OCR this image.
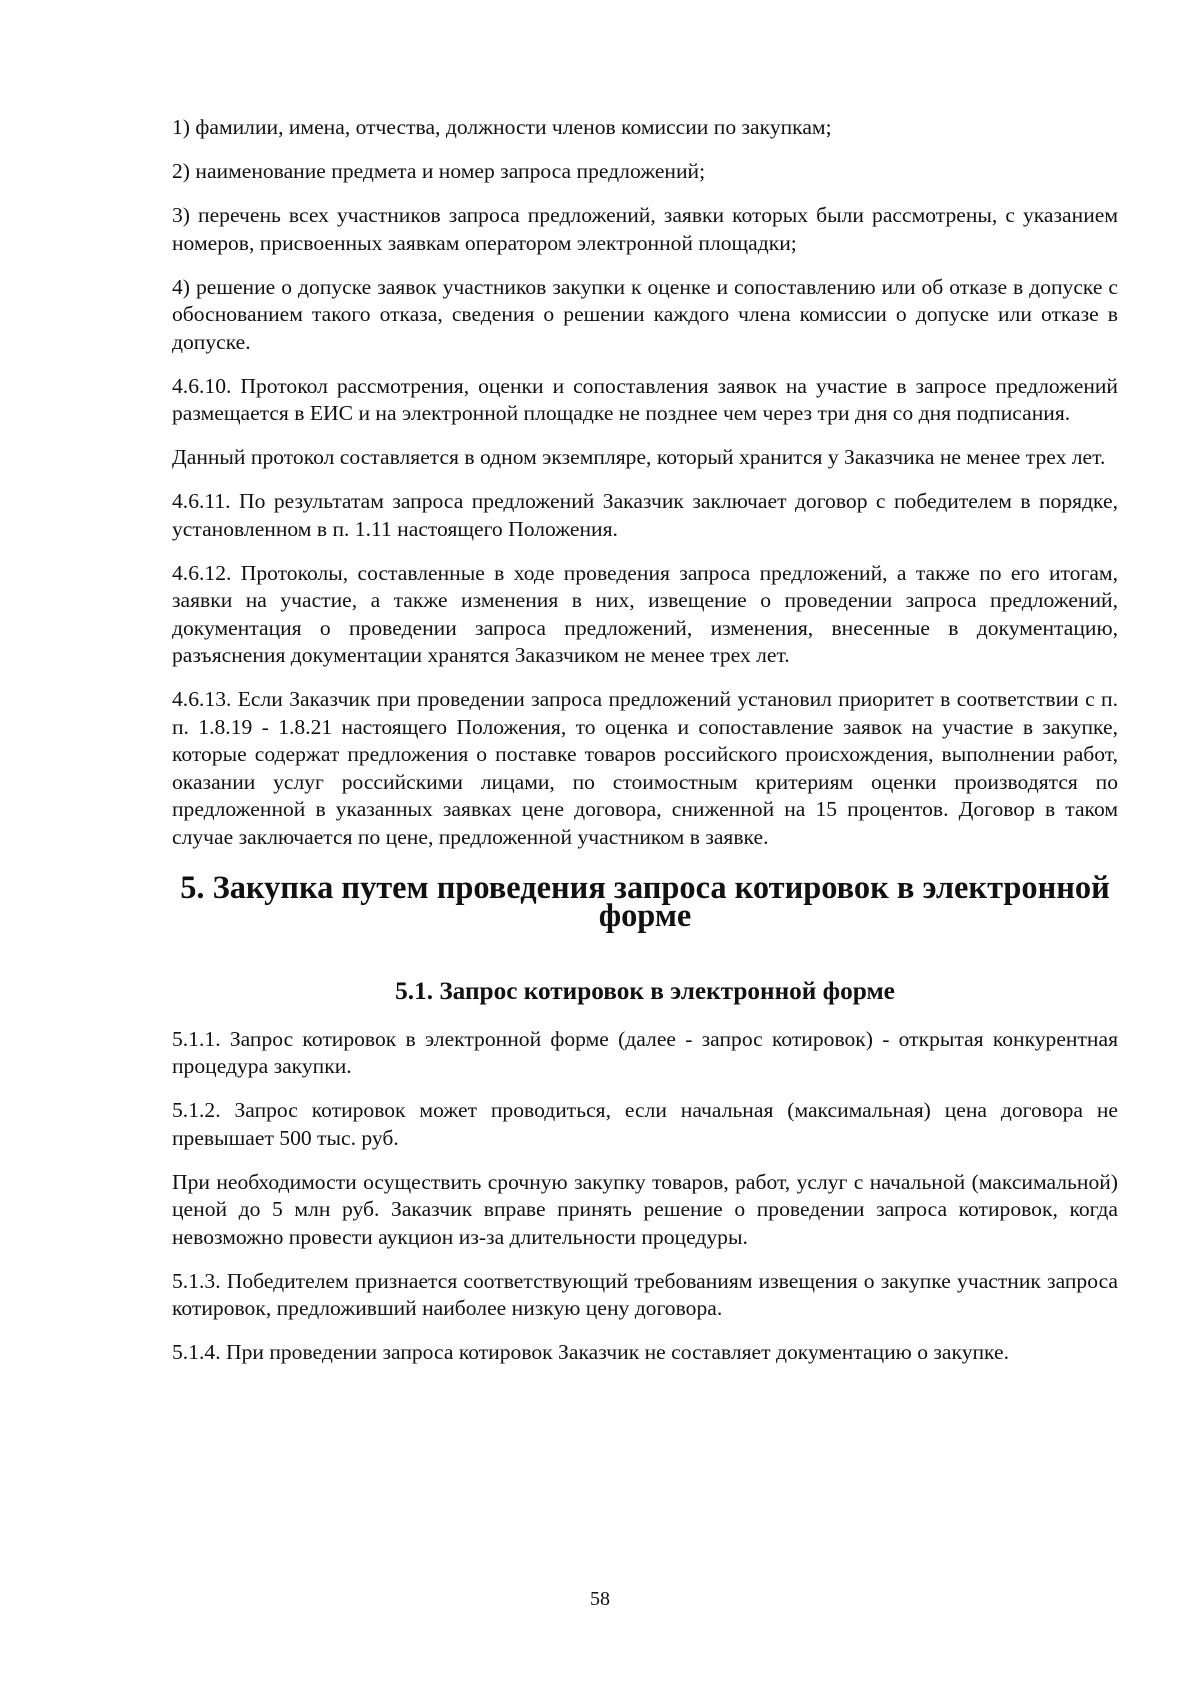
1) фамилии, имена, отчества, должности членов комиссии по закупкам;

2) наименование предмета и номер запроса предложений;

3) перечень всех участников запроса предложений, заявки которых были рассмотрены, с указанием номеров, присвоенных заявкам оператором электронной площадки;

4) решение о допуске заявок участников закупки к оценке и сопоставлению или об отказе в допуске с обоснованием такого отказа, сведения о решении каждого члена комиссии о допуске или отказе в допуске.

4.6.10. Протокол рассмотрения, оценки и сопоставления заявок на участие в запросе предложений размещается в ЕИС и на электронной площадке не позднее чем через три дня со дня подписания.

Данный протокол составляется в одном экземпляре, который хранится у Заказчика не менее трех лет.

4.6.11. По результатам запроса предложений Заказчик заключает договор с победителем в порядке, установленном в п. 1.11 настоящего Положения.

4.6.12. Протоколы, составленные в ходе проведения запроса предложений, а также по его итогам, заявки на участие, а также изменения в них, извещение о проведении запроса предложений, документация о проведении запроса предложений, изменения, внесенные в документацию, разъяснения документации хранятся Заказчиком не менее трех лет.

4.6.13. Если Заказчик при проведении запроса предложений установил приоритет в соответствии с п. п. 1.8.19 - 1.8.21 настоящего Положения, то оценка и сопоставление заявок на участие в закупке, которые содержат предложения о поставке товаров российского происхождения, выполнении работ, оказании услуг российскими лицами, по стоимостным критериям оценки производятся по предложенной в указанных заявках цене договора, сниженной на 15 процентов. Договор в таком случае заключается по цене, предложенной участником в заявке.

5. Закупка путем проведения запроса котировок в электронной форме
5.1. Запрос котировок в электронной форме

5.1.1. Запрос котировок в электронной форме (далее - запрос котировок) - открытая конкурентная процедура закупки.

5.1.2. Запрос котировок может проводиться, если начальная (максимальная) цена договора не превышает 500 тыс. руб.

При необходимости осуществить срочную закупку товаров, работ, услуг с начальной (максимальной) ценой до 5 млн руб. Заказчик вправе принять решение о проведении запроса котировок, когда невозможно провести аукцион из-за длительности процедуры.

5.1.3. Победителем признается соответствующий требованиям извещения о закупке участник запроса котировок, предложивший наиболее низкую цену договора.

5.1.4. При проведении запроса котировок Заказчик не составляет документацию о закупке.

58
